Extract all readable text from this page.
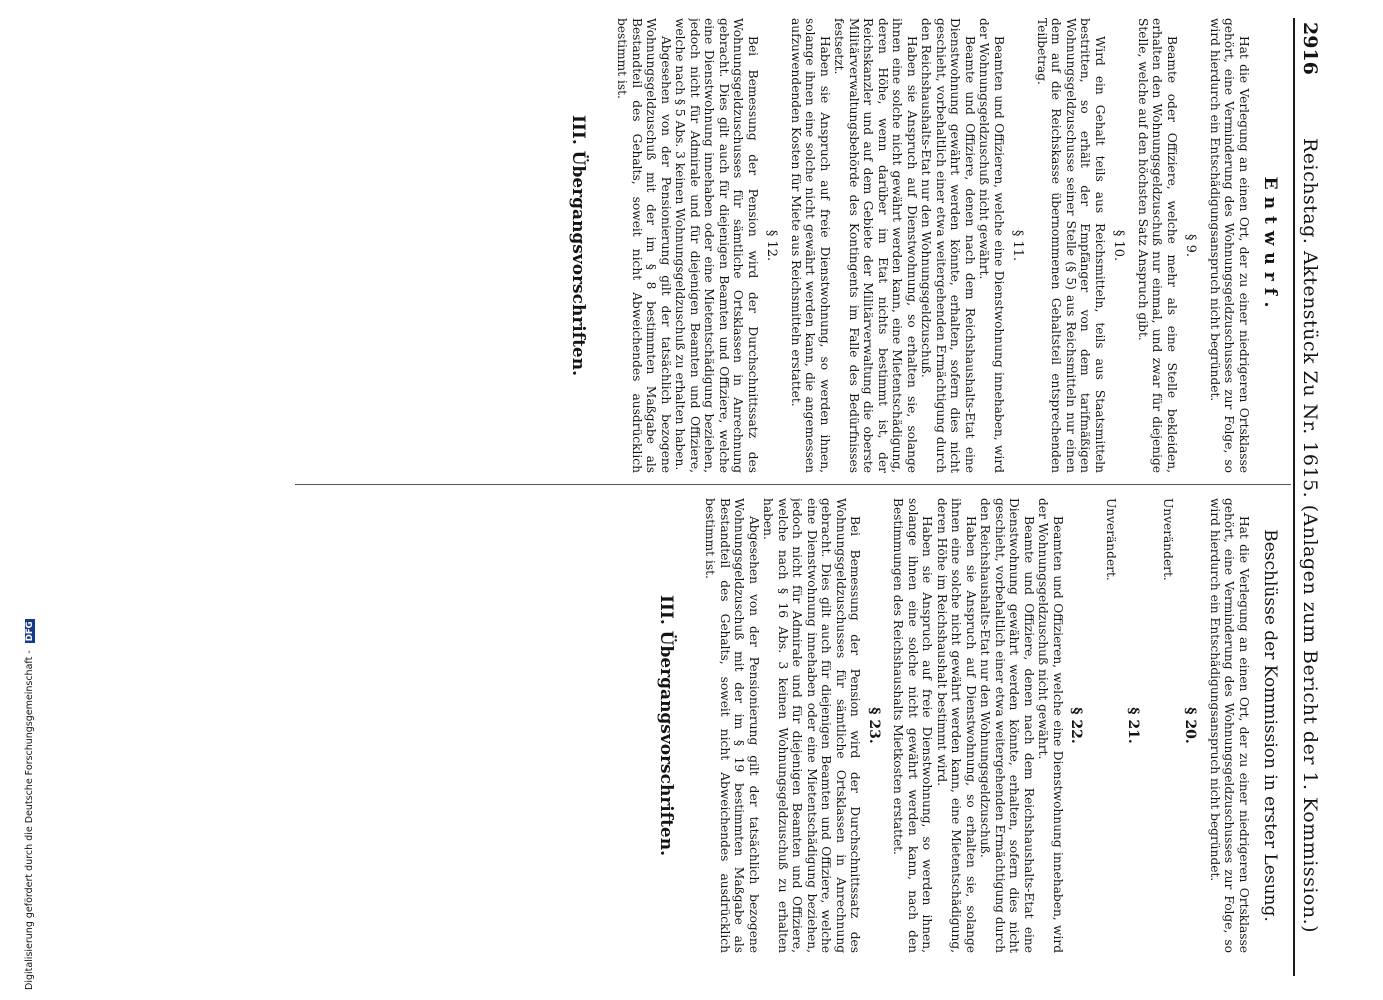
2916
Reichstag. Aktenstück Zu Nr. 1615. (Anlagen zum Bericht der 1. Kommission.)
Entwurf.

Hat die Verlegung an einen Ort, der zu einer niedrigeren Ortsklasse gehört, eine Verminderung des Wohnungsgeldzuschusses zur Folge, so wird hierdurch ein Entschädigungsanspruch nicht begründet.

§ 9.

Beamte oder Offiziere, welche mehr als eine Stelle bekleiden, erhalten den Wohnungsgeldzuschuß nur einmal, und zwar für diejenige Stelle, welche auf den höchsten Satz Anspruch gibt.

§ 10.

Wird ein Gehalt teils aus Reichsmitteln, teils aus Staatsmitteln bestritten, so erhält der Empfänger von dem tarifmäßigen Wohnungsgeldzuschusse seiner Stelle (§ 5) aus Reichsmitteln nur einen dem auf die Reichskasse übernommenen Gehaltsteil entsprechenden Teilbetrag.

§ 11.

Beamten und Offizieren, welche eine Dienstwohnung innehaben, wird der Wohnungsgeldzuschuß nicht gewährt.

Beamte und Offiziere, denen nach dem Reichshaushalts-Etat eine Dienstwohnung gewährt werden könnte, erhalten, sofern dies nicht geschieht, vorbehaltlich einer etwa weitergehenden Ermächtigung durch den Reichshaushalts-Etat nur den Wohnungsgeldzuschuß.

Haben sie Anspruch auf Dienstwohnung, so erhalten sie, solange ihnen eine solche nicht gewährt werden kann, eine Mietentschädigung, deren Höhe, wenn darüber im Etat nichts bestimmt ist, der Reichskanzler und auf dem Gebiete der Militärverwaltung die oberste Militärverwaltungsbehörde des Kontingents im Falle des Bedürfnisses festsetzt.

Haben sie Anspruch auf freie Dienstwohnung, so werden ihnen, solange ihnen eine solche nicht gewährt werden kann, die angemessen aufzuwendenden Kosten für Miete aus Reichsmitteln erstattet.

§ 12.

Bei Bemessung der Pension wird der Durchschnittssatz des Wohnungsgeldzuschusses für sämtliche Ortsklassen in Anrechnung gebracht. Dies gilt auch für diejenigen Beamten und Offiziere, welche eine Dienstwohnung innehaben oder eine Mietentschädigung beziehen, jedoch nicht für Admirale und für diejenigen Beamten und Offiziere, welche nach § 5 Abs. 3 keinen Wohnungsgeldzuschuß zu erhalten haben.

Abgesehen von der Pensionierung gilt der tatsächlich bezogene Wohnungsgeldzuschuß mit der im § 8 bestimmten Maßgabe als Bestandteil des Gehalts, soweit nicht Abweichendes ausdrücklich bestimmt ist.

III. Übergangsvorschriften.
Beschlüsse der Kommission in erster Lesung.

Hat die Verlegung an einen Ort, der zu einer niedrigeren Ortsklasse gehört, eine Verminderung des Wohnungsgeldzuschusses zur Folge, so wird hierdurch ein Entschädigungsanspruch nicht begründet.

§ 20.

Unverändert.

§ 21.

Unverändert.

§ 22.

Beamten und Offizieren, welche eine Dienstwohnung innehaben, wird der Wohnungsgeldzuschuß nicht gewährt.

Beamte und Offiziere, denen nach dem Reichshaushalts-Etat eine Dienstwohnung gewährt werden könnte, erhalten, sofern dies nicht geschieht, vorbehaltlich einer etwa weitergehenden Ermächtigung durch den Reichshaushalts-Etat nur den Wohnungsgeldzuschuß.

Haben sie Anspruch auf Dienstwohnung, so erhalten sie, solange ihnen eine solche nicht gewährt werden kann, eine Mietentschädigung, deren Höhe im Reichshaushalt bestimmt wird.

Haben sie Anspruch auf freie Dienstwohnung, so werden ihnen, solange ihnen eine solche nicht gewährt werden kann, nach den Bestimmungen des Reichshaushalts Mietkosten erstattet.

§ 23.

Bei Bemessung der Pension wird der Durchschnittssatz des Wohnungsgeldzuschusses für sämtliche Ortsklassen in Anrechnung gebracht. Dies gilt auch für diejenigen Beamten und Offiziere, welche eine Dienstwohnung innehaben oder eine Mietentschädigung beziehen, jedoch nicht für Admirale und für diejenigen Beamten und Offiziere, welche nach § 16 Abs. 3 keinen Wohnungsgeldzuschuß zu erhalten haben.

Abgesehen von der Pensionierung gilt der tatsächlich bezogene Wohnungsgeldzuschuß mit der im § 19 bestimmten Maßgabe als Bestandteil des Gehalts, soweit nicht Abweichendes ausdrücklich bestimmt ist.

III. Übergangsvorschriften.
Digitalisierung gefördert durch die Deutsche Forschungsgemeinschaft - DFG
